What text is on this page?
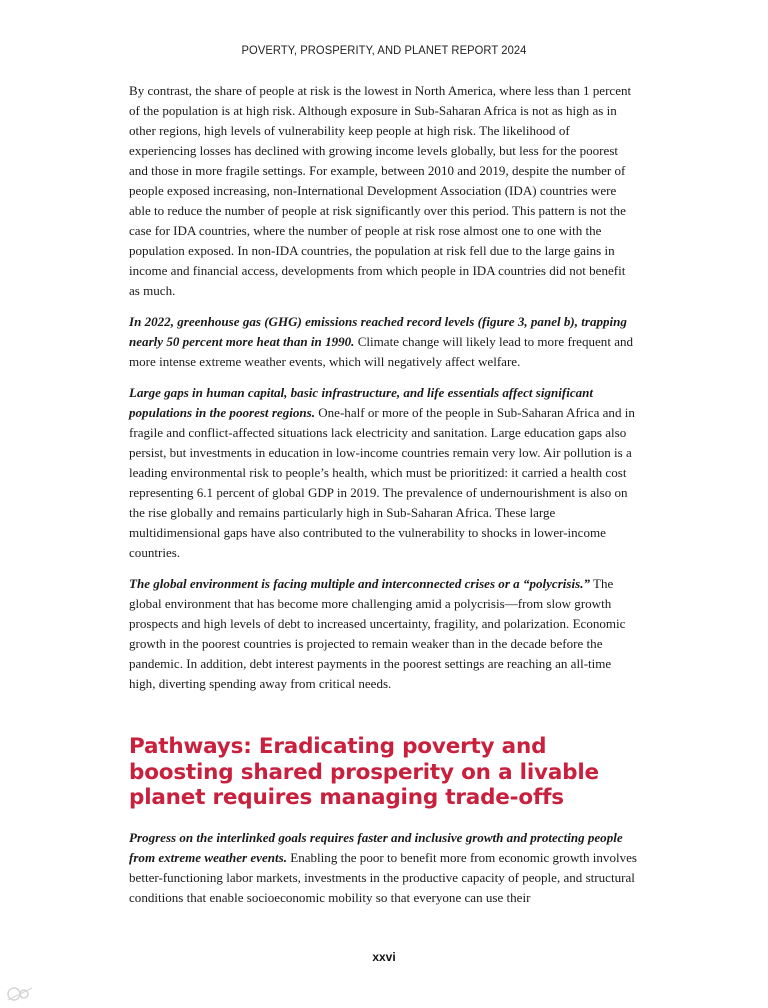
POVERTY, PROSPERITY, AND PLANET REPORT 2024

By contrast, the share of people at risk is the lowest in North America, where less than 1 percent of the population is at high risk. Although exposure in Sub-Saharan Africa is not as high as in other regions, high levels of vulnerability keep people at high risk. The likelihood of experiencing losses has declined with growing income levels globally, but less for the poorest and those in more fragile settings. For example, between 2010 and 2019, despite the number of people exposed increasing, non-International Development Association (IDA) countries were able to reduce the number of people at risk significantly over this period. This pattern is not the case for IDA countries, where the number of people at risk rose almost one to one with the population exposed. In non-IDA countries, the population at risk fell due to the large gains in income and financial access, developments from which people in IDA countries did not benefit as much.

In 2022, greenhouse gas (GHG) emissions reached record levels (figure 3, panel b), trapping nearly 50 percent more heat than in 1990. Climate change will likely lead to more frequent and more intense extreme weather events, which will negatively affect welfare.

Large gaps in human capital, basic infrastructure, and life essentials affect significant populations in the poorest regions. One-half or more of the people in Sub-Saharan Africa and in fragile and conflict-affected situations lack electricity and sanitation. Large education gaps also persist, but investments in education in low-income countries remain very low. Air pollution is a leading environmental risk to people’s health, which must be prioritized: it carried a health cost representing 6.1 percent of global GDP in 2019. The prevalence of undernourishment is also on the rise globally and remains particularly high in Sub-Saharan Africa. These large multidimensional gaps have also contributed to the vulnerability to shocks in lower-income countries.

The global environment is facing multiple and interconnected crises or a “polycrisis.” The global environment that has become more challenging amid a polycrisis—from slow growth prospects and high levels of debt to increased uncertainty, fragility, and polarization. Economic growth in the poorest countries is projected to remain weaker than in the decade before the pandemic. In addition, debt interest payments in the poorest settings are reaching an all-time high, diverting spending away from critical needs.

Pathways: Eradicating poverty and boosting shared prosperity on a livable planet requires managing trade-offs

Progress on the interlinked goals requires faster and inclusive growth and protecting people from extreme weather events. Enabling the poor to benefit more from economic growth involves better-functioning labor markets, investments in the productive capacity of people, and structural conditions that enable socioeconomic mobility so that everyone can use their

xxvi
